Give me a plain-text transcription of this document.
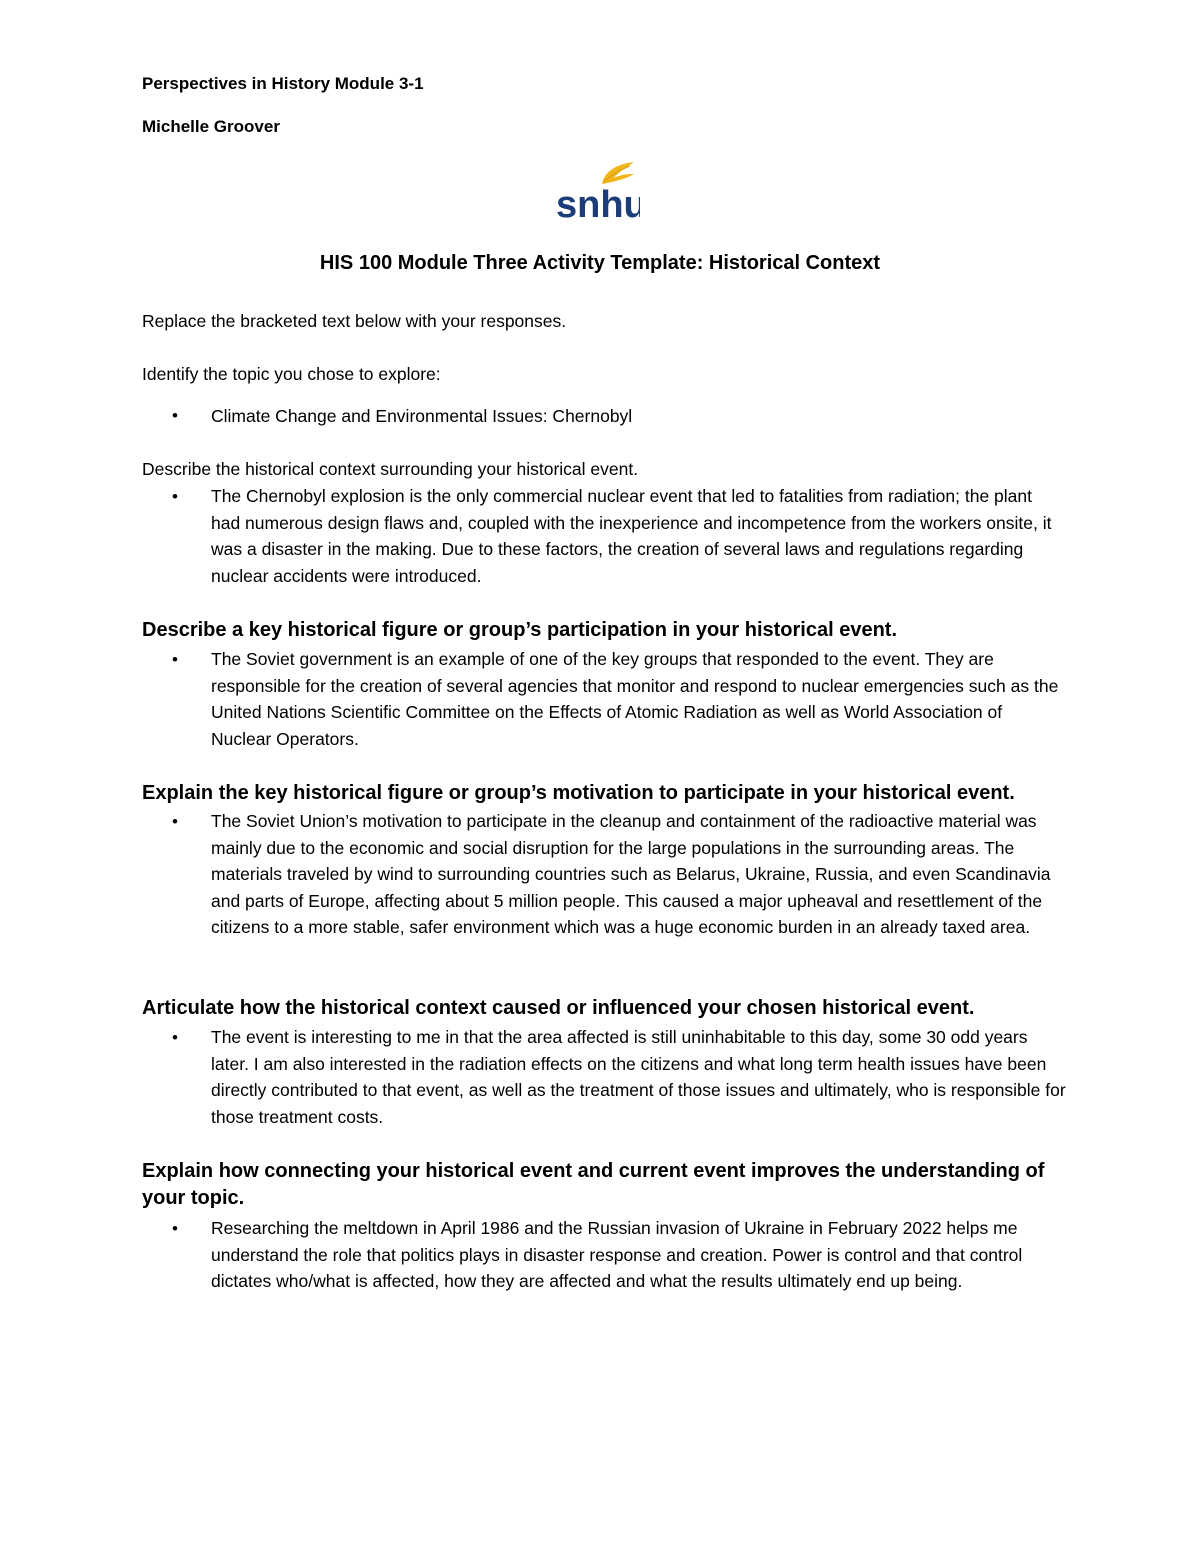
Perspectives in History Module 3-1
Michelle Groover
snhu
HIS 100 Module Three Activity Template: Historical Context
Replace the bracketed text below with your responses.
Identify the topic you chose to explore:
•	Climate Change and Environmental Issues: Chernobyl
Describe the historical context surrounding your historical event.
•	The Chernobyl explosion is the only commercial nuclear event that led to fatalities from radiation; the plant had numerous design flaws and, coupled with the inexperience and incompetence from the workers onsite, it was a disaster in the making. Due to these factors, the creation of several laws and regulations regarding nuclear accidents were introduced.
Describe a key historical figure or group’s participation in your historical event.
•	The Soviet government is an example of one of the key groups that responded to the event. They are responsible for the creation of several agencies that monitor and respond to nuclear emergencies such as the United Nations Scientific Committee on the Effects of Atomic Radiation as well as World Association of Nuclear Operators.
Explain the key historical figure or group’s motivation to participate in your historical event.
•	The Soviet Union’s motivation to participate in the cleanup and containment of the radioactive material was mainly due to the economic and social disruption for the large populations in the surrounding areas. The materials traveled by wind to surrounding countries such as Belarus, Ukraine, Russia, and even Scandinavia and parts of Europe, affecting about 5 million people. This caused a major upheaval and resettlement of the citizens to a more stable, safer environment which was a huge economic burden in an already taxed area.
Articulate how the historical context caused or influenced your chosen historical event.
•	The event is interesting to me in that the area affected is still uninhabitable to this day, some 30 odd years later. I am also interested in the radiation effects on the citizens and what long term health issues have been directly contributed to that event, as well as the treatment of those issues and ultimately, who is responsible for those treatment costs.
Explain how connecting your historical event and current event improves the understanding of your topic.
•	Researching the meltdown in April 1986 and the Russian invasion of Ukraine in February 2022 helps me understand the role that politics plays in disaster response and creation. Power is control and that control dictates who/what is affected, how they are affected and what the results ultimately end up being.
